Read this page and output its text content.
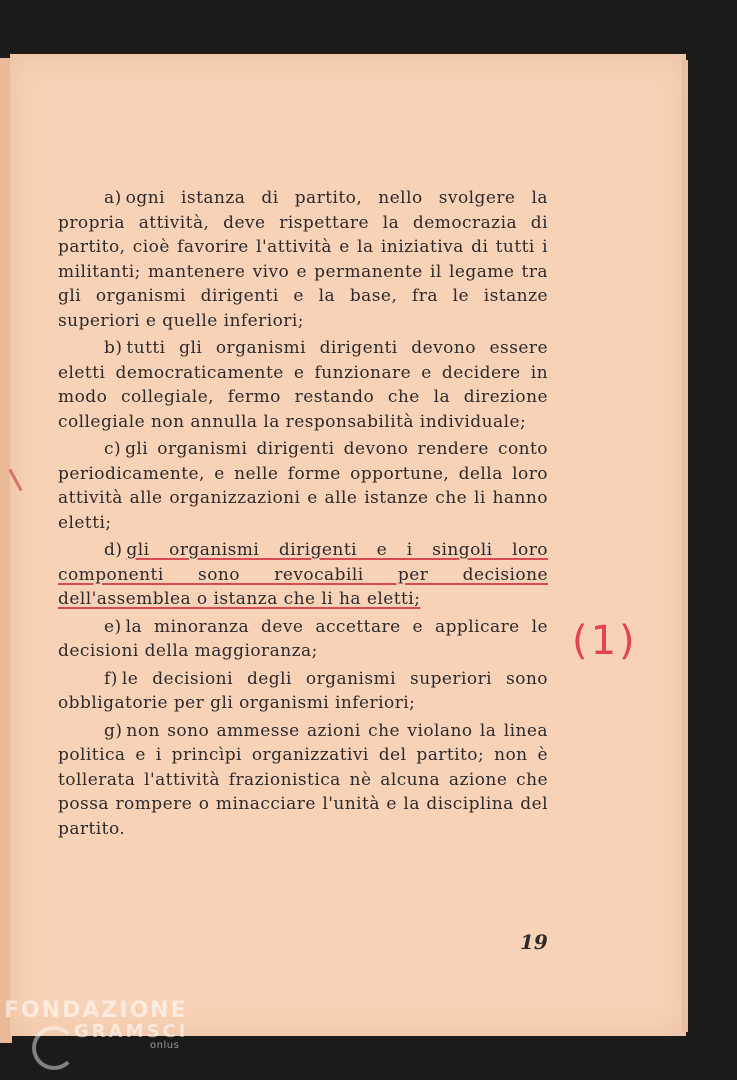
a) ogni istanza di partito, nello svolgere la propria attività, deve rispettare la democrazia di partito, cioè favorire l'attività e la iniziativa di tutti i militanti; mantenere vivo e permanente il legame tra gli organismi dirigenti e la base, fra le istanze superiori e quelle inferiori;

b) tutti gli organismi dirigenti devono essere eletti democraticamente e funzionare e decidere in modo collegiale, fermo restando che la direzione collegiale non annulla la responsabilità individuale;

c) gli organismi dirigenti devono rendere conto periodicamente, e nelle forme opportune, della loro attività alle organizzazioni e alle istanze che li hanno eletti;

d) gli organismi dirigenti e i singoli loro componenti sono revocabili per decisione dell'assemblea o istanza che li ha eletti;

e) la minoranza deve accettare e applicare le decisioni della maggioranza;

f) le decisioni degli organismi superiori sono obbligatorie per gli organismi inferiori;

g) non sono ammesse azioni che violano la linea politica e i princìpi organizzativi del partito; non è tollerata l'attività frazionistica nè alcuna azione che possa rompere o minacciare l'unità e la disciplina del partito.

(1)
19
FONDAZIONE
GRAMSCI
onlus
